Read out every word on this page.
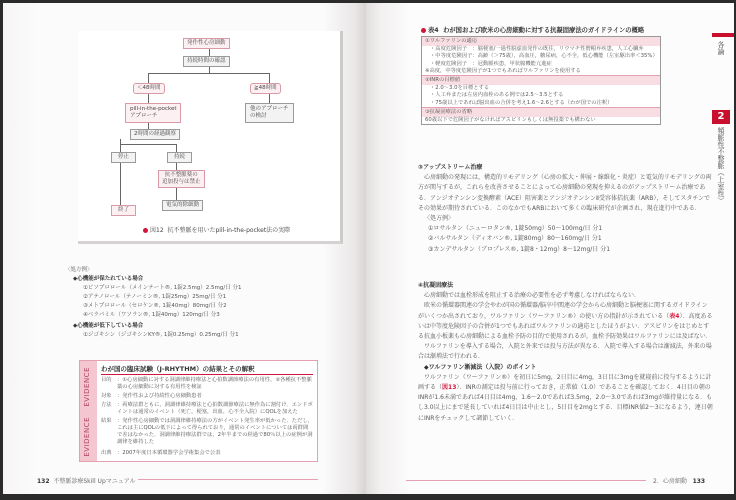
発作性心房細動
持続時間の確認
＜48時間	≧48時間
pill-in-the-pocket
アプローチ
他のアプローチ
の検討
2時間の経過観察
停止	持続
抗不整脈薬の
追加投与は禁止
終了
電気的除細動
図12 抗不整脈を用いたpill-in-the-pocket法の実際
〈処方例〉
◆心機能が保たれている場合
①ビソプロロール（メインテート®, 1錠2.5mg）2.5mg/日 分1
②アテノロール（テノーミン®, 1錠25mg）25mg/日 分1
③メトプロロール（セロケン®, 1錠40mg）80mg/日 分2
④ベラパミル（ワソラン®, 1錠40mg）120mg/日 分3
◆心機能が低下している場合
①ジゴキシン（ジゴキシンKY®, 1錠0.25mg）0.25mg/日 分1
EVIDENCE
EVIDENCE
わが国の臨床試験（J-RHYTHM）の結果とその解釈
目的	：①心房細動に対する洞調律維持療法と心拍数調節療法の有用性，②各種抗不整脈薬の心房細動に対する有用性を検証
対象	：発作性および持続性心房細動患者
方法	：両療法群ともに，洞調律維持療法と心拍数調節療法に無作為に割付け．エンドポイントは通常のイベント（死亡，梗塞，出血，心不全入院）にQOLを加えた
結果	：発作性心房細動では洞調律維持療法の方がイベント発生率が低かった．ただし，これは主にQOLの低下によって得られており，通常のイベントについては両群間で差はなかった．洞調律維持療法群では，2年半までの経過で80％以上の症例が洞調律を維持した
出典	：2007年度日本循環器学会学術集会で公表
132 不整脈診療Skill Upマニュアル
表4 わが国および欧米の心房細動に対する抗凝固療法のガイドラインの概略
①ワルファリンの適応
・高度危険因子　：脳梗塞/一過性脳虚血発作の既往，リウマチ性僧帽弁疾患，人工心臓弁
・中等度危険因子：高齢（＞75歳），高血圧，糖尿病，心不全，低心機能（左室駆出率＜35%）
・軽度危険因子　：冠動脈疾患，甲状腺機能亢進症
※高度，中等度危険因子が1つでもあればワルファリンを使用する
②INRの目標値
・2.0〜3.0を目標とする
・人工弁または左房内血栓のある例では2.5〜3.5とする
・75歳以上であれば脳出血の合併を考え1.6〜2.6とする（わが国での注釈）
③抗凝固療法の省略
60歳以下で危険因子がなければアスピリンもしくは無投薬でも構わない
③アップストリーム治療

心房細動の発現には，構造的リモデリング（心房の拡大・伸展・線維化・炎症）と電気的リモデリングの両方が関与するが，これらを改善させることによって心房細動の発現を抑えるのがアップストリーム治療である．アンジオテンシン変換酵素（ACE）阻害薬とアンジオテンシンⅡ受容体拮抗薬（ARB），そしてスタチンでその効果が期待されている．このなかでもARBにおいて多くの臨床研究が企画され，現在進行中である．

〈処方例〉
①ロサルタン（ニューロタン®, 1錠50mg）50〜100mg/日 分1
②バルサルタン（ディオバン®, 1錠80mg）80〜160mg/日 分1
③カンデサルタン（ブロプレス®, 1錠8・12mg）8〜12mg/日 分1
④抗凝固療法

心房細動では血栓形成を阻止する治療の必要性を必ず考慮しなければならない．

欧米の循環器関連の学会やわが国の循環器/脳卒中関連の学会から心房細動と脳梗塞に関するガイドラインがいくつか出されており，ワルファリン（ワーファリン®）の使い方の指針が示されている（表4）．高度あるいは中等度危険因子の合併が1つでもあればワルファリンの適応としたほうがよい．アスピリンをはじめとする抗血小板薬も心房細動による血栓予防の目的で使用されるが，血栓予防効果はワルファリンには及ばない．

ワルファリンを導入する場合，入院と外来では投与方法が異なる．入院で導入する場合は漸減法，外来の場合は漸増法で行われる．

◆ワルファリン漸減法（入院）のポイント

ワルファリン（ワーファリン®）を初日に5mg，2日目に4mg，3日目に3mgを就寝前に投与するように計画する（図13）．INRの測定は投与前に行っておき，正常値（1.0）であることを確認しておく．4日目の朝のINRが1.6未満であれば4日目は4mg，1.6〜2.0であれば3.5mg，2.0〜3.0であれば3mgが維持量になる．もし3.0以上にまで延長していれば4日目は中止とし，5日目を2mgとする．目標INR値2〜3になるよう，連日朝にINRをチェックして調節していく．

各論
2
頻脈性不整脈（上室性）
2．心房細動 133
